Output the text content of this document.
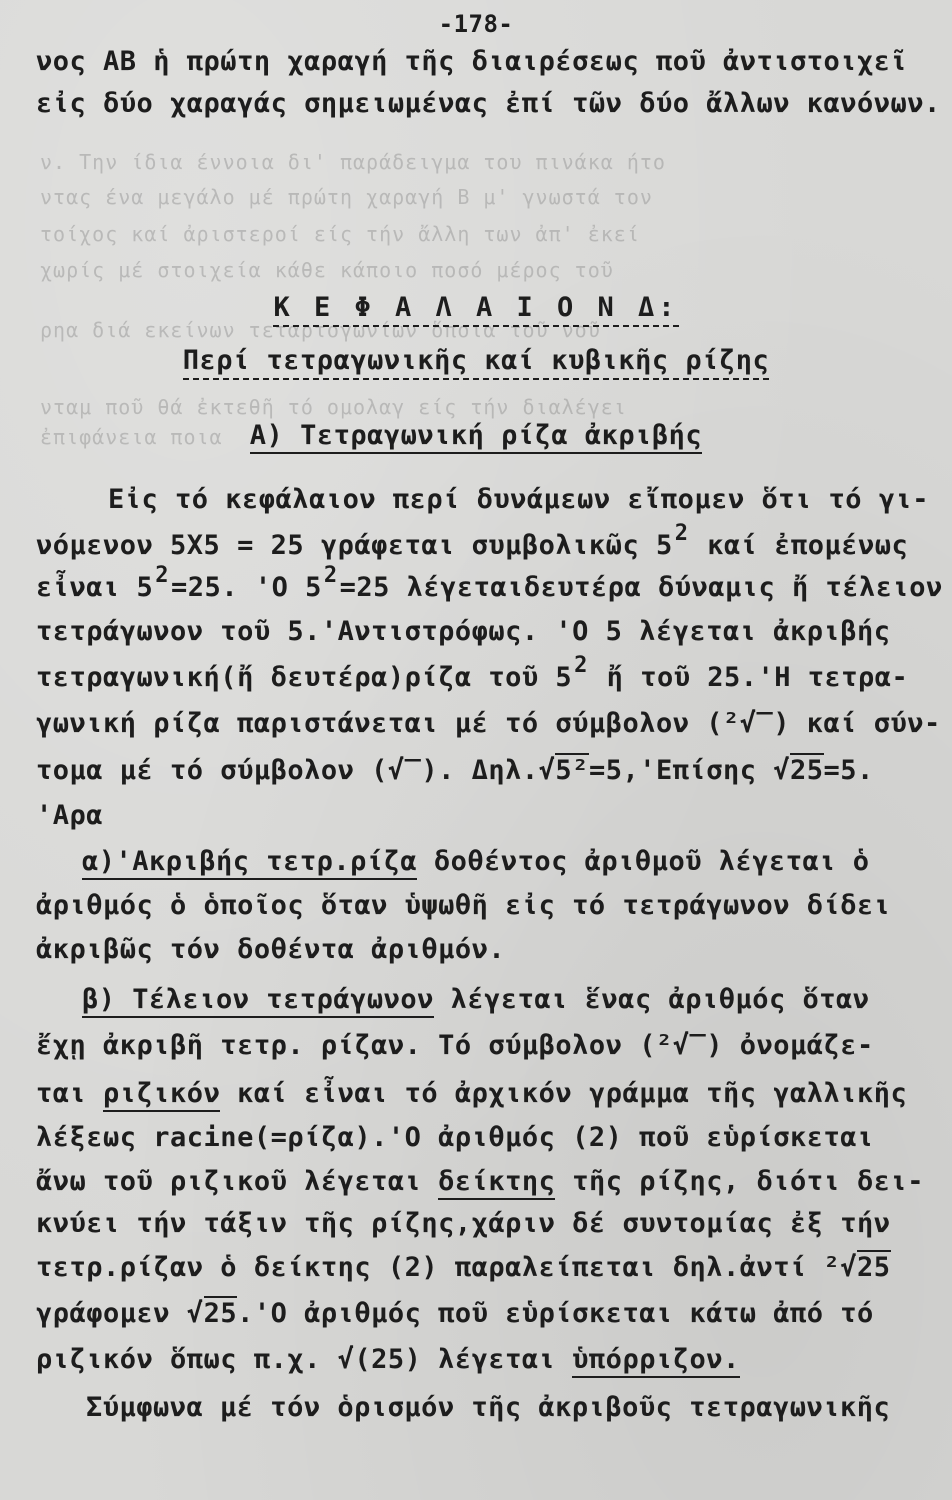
ν. Την ίδια έννοια δι' παράδειγμα του πινάκα ήτο
ντας ένα μεγάλο μέ πρώτη χαραγή Β μ' γνωστά τον
τοίχος καί ἀριστεροί είς τήν ἄλλη των ἀπ' ἐκεί
χωρίς μέ στοιχεία κάθε κάποιο ποσό μέρος τοῦ
ρηα διά εκείνων τεταρτογωνίων ὅποια τοῦ νοῦ
νταμ ποῦ θά ἐκτεθῆ τό ομολαγ είς τήν διαλέγει
ἐπιφάνεια ποια
-178-
νος ΑΒ ἡ πρώτη χαραγή τῆς διαιρέσεως ποῦ ἀντιστοιχεῖ
εἰς δύο χαραγάς σημειωμένας ἐπί τῶν δύο ἄλλων κανόνων.
Κ Ε Φ Α Λ Α Ι Ο Ν Δ:
Περί τετραγωνικῆς καί κυβικῆς ρίζης
Α) Τετραγωνική ρίζα ἀκριβής
Εἰς τό κεφάλαιον περί δυνάμεων εἴπομεν ὅτι τό γι-
νόμενον 5Χ5 = 25 γράφεται συμβολικῶς $5^2$ καί ἐπομένως
εἶναι $5^2=25$. 'Ο $5^2=25$ λέγεταιδευτέρα δύναμις ἤ τέλειον
τετράγωνον τοῦ 5.'Αντιστρόφως. 'Ο 5 λέγεται ἀκριβής
τετραγωνική(ἤ δευτέρα)ρίζα τοῦ $5^2$ ἤ τοῦ 25.'Η τετρα-
γωνική ρίζα παριστάνεται μέ τό σύμβολον (²√‾) καί σύν-
τομα μέ τό σύμβολον (√‾). Δηλ.√5²=5,'Επίσης √25=5.
'Αρα
α)'Ακριβής τετρ.ρίζα δοθέντος ἀριθμοῦ λέγεται ὁ
ἀριθμός ὁ ὁποῖος ὅταν ὑψωθῆ εἰς τό τετράγωνον δίδει
ἀκριβῶς τόν δοθέντα ἀριθμόν.
β) Τέλειον τετράγωνον λέγεται ἕνας ἀριθμός ὅταν
ἔχῃ ἀκριβῆ τετρ. ρίζαν. Τό σύμβολον (²√‾) ὀνομάζε-
ται ριζικόν καί εἶναι τό ἀρχικόν γράμμα τῆς γαλλικῆς
λέξεως racine(=ρίζα).'Ο ἀριθμός (2) ποῦ εὑρίσκεται
ἄνω τοῦ ριζικοῦ λέγεται δείκτης τῆς ρίζης, διότι δει-
κνύει τήν τάξιν τῆς ρίζης,χάριν δέ συντομίας ἐξ τήν
τετρ.ρίζαν ὁ δείκτης (2) παραλείπεται δηλ.ἀντί ²√25
γράφομεν √25.'Ο ἀριθμός ποῦ εὑρίσκεται κάτω ἀπό τό
ριζικόν ὅπως π.χ. √(25) λέγεται ὑπόρριζον.
Σύμφωνα μέ τόν ὁρισμόν τῆς ἀκριβοῦς τετραγωνικῆς
